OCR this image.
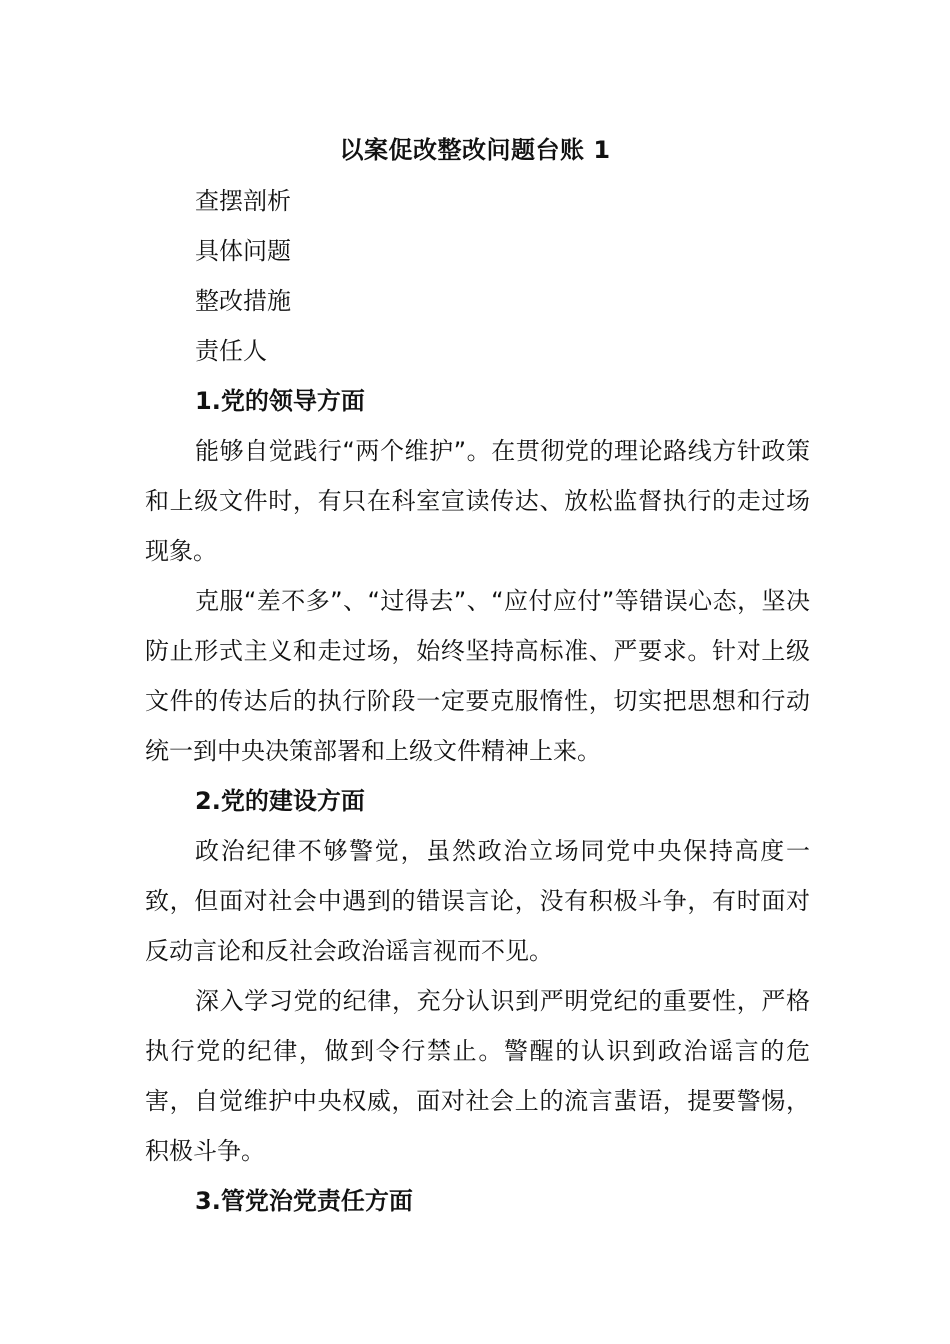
以案促改整改问题台账 1

查摆剖析

具体问题

整改措施

责任人

1.党的领导方面

能够自觉践行“两个维护”。在贯彻党的理论路线方针政策和上级文件时，有只在科室宣读传达、放松监督执行的走过场现象。

克服“差不多”、“过得去”、“应付应付”等错误心态，坚决防止形式主义和走过场，始终坚持高标准、严要求。针对上级文件的传达后的执行阶段一定要克服惰性，切实把思想和行动统一到中央决策部署和上级文件精神上来。

2.党的建设方面

政治纪律不够警觉，虽然政治立场同党中央保持高度一致，但面对社会中遇到的错误言论，没有积极斗争，有时面对反动言论和反社会政治谣言视而不见。

深入学习党的纪律，充分认识到严明党纪的重要性，严格执行党的纪律，做到令行禁止。警醒的认识到政治谣言的危害，自觉维护中央权威，面对社会上的流言蜚语，提要警惕，积极斗争。

3.管党治党责任方面
